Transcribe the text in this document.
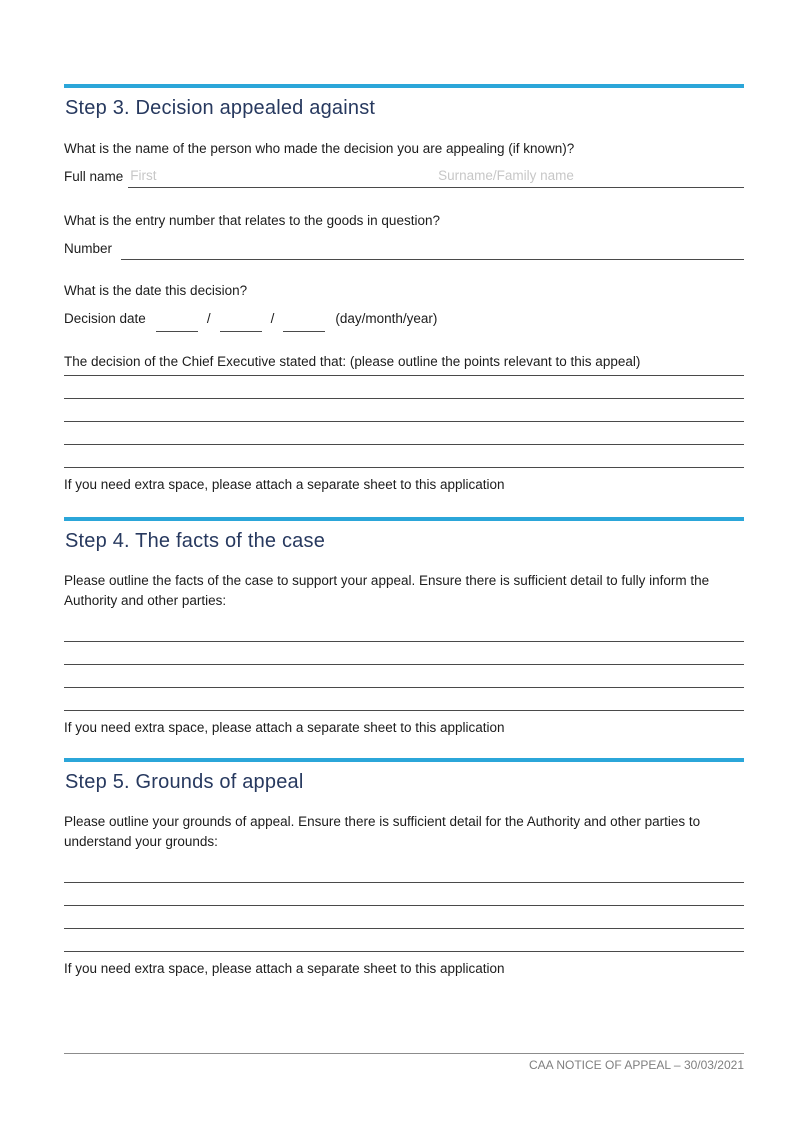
Step 3. Decision appealed against
What is the name of the person who made the decision you are appealing (if known)?
Full name
First
Surname/Family name
What is the entry number that relates to the goods in question?
Number
What is the date this decision?
Decision date	/	/	(day/month/year)
The decision of the Chief Executive stated that: (please outline the points relevant to this appeal)
If you need extra space, please attach a separate sheet to this application
Step 4. The facts of the case
Please outline the facts of the case to support your appeal. Ensure there is sufficient detail to fully inform the
Authority and other parties:
If you need extra space, please attach a separate sheet to this application
Step 5. Grounds of appeal
Please outline your grounds of appeal. Ensure there is sufficient detail for the Authority and other parties to
understand your grounds:
If you need extra space, please attach a separate sheet to this application
CAA NOTICE OF APPEAL – 30/03/2021
